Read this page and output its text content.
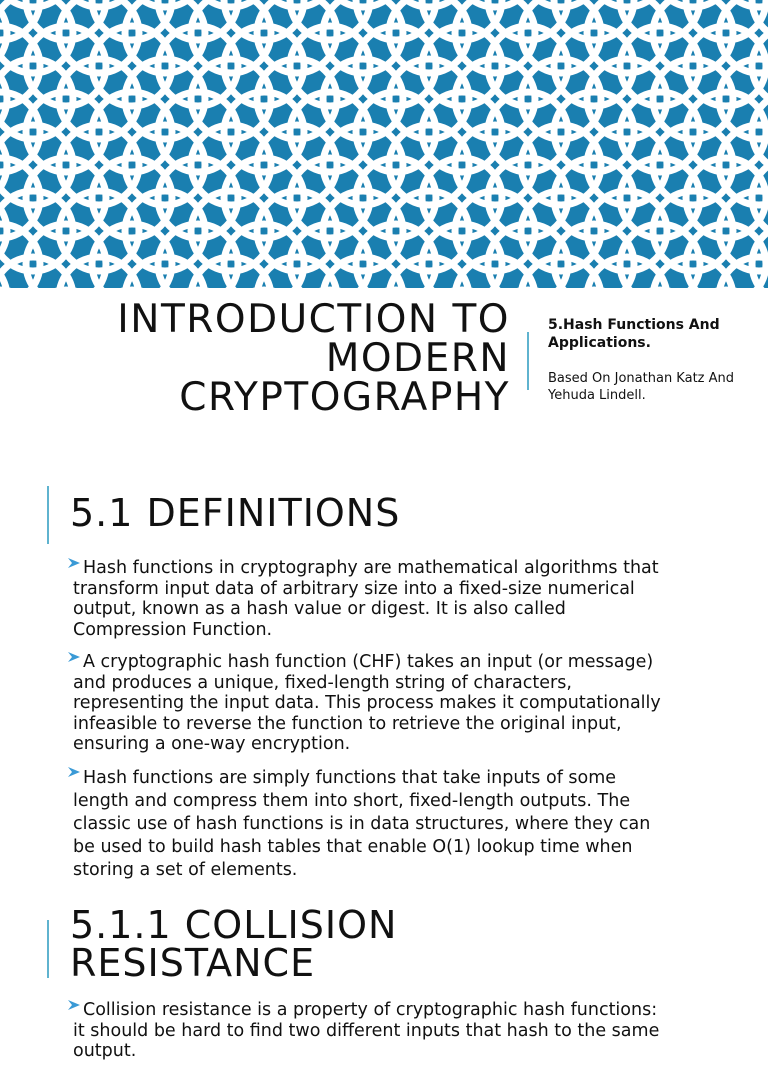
INTRODUCTION TO
MODERN
CRYPTOGRAPHY
5.Hash Functions And Applications.
Based On Jonathan Katz And Yehuda Lindell.
5.1 DEFINITIONS

Hash functions in cryptography are mathematical algorithms that transform input data of arbitrary size into a fixed-size numerical output, known as a hash value or digest. It is also called Compression Function.

A cryptographic hash function (CHF) takes an input (or message) and produces a unique, fixed-length string of characters, representing the input data. This process makes it computationally infeasible to reverse the function to retrieve the original input, ensuring a one-way encryption.

Hash functions are simply functions that take inputs of some length and compress them into short, fixed-length outputs. The classic use of hash functions is in data structures, where they can be used to build hash tables that enable O(1) lookup time when storing a set of elements.

5.1.1 COLLISION
RESISTANCE

Collision resistance is a property of cryptographic hash functions: it should be hard to find two different inputs that hash to the same output.
